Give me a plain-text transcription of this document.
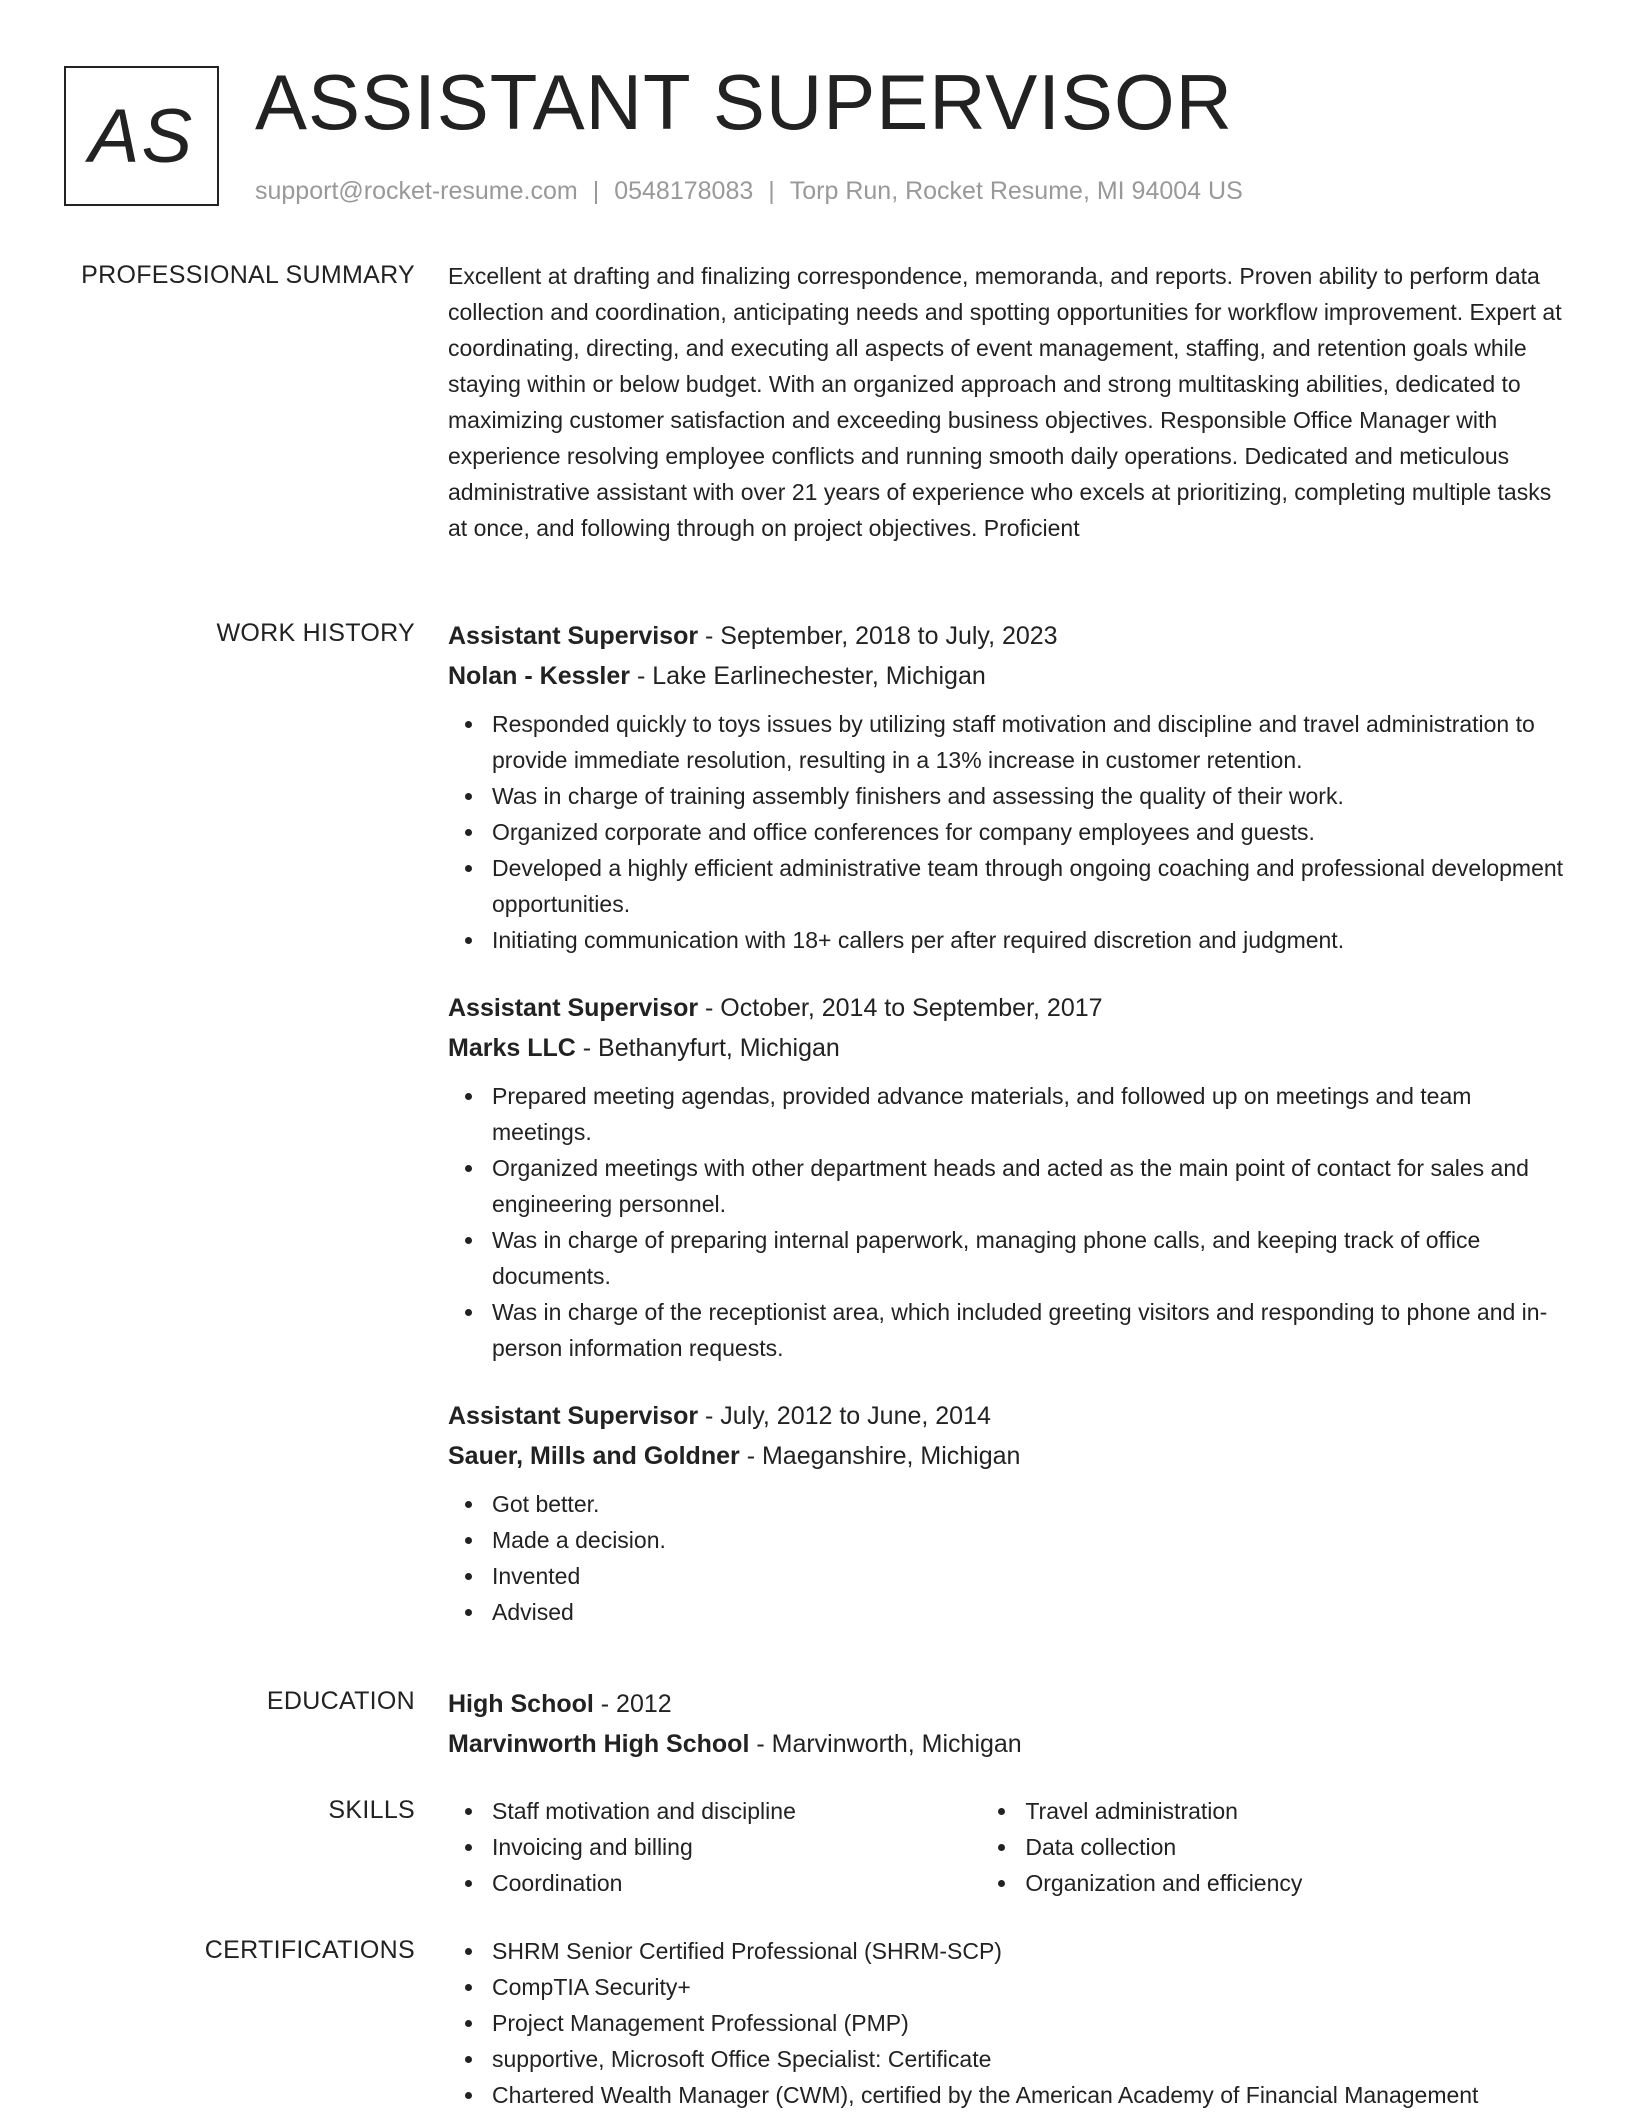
AS ASSISTANT SUPERVISOR
support@rocket-resume.com | 0548178083 | Torp Run, Rocket Resume, MI 94004 US
PROFESSIONAL SUMMARY Excellent at drafting and finalizing correspondence, memoranda, and reports. Proven ability to perform data collection and coordination, anticipating needs and spotting opportunities for workflow improvement. Expert at coordinating, directing, and executing all aspects of event management, staffing, and retention goals while staying within or below budget. With an organized approach and strong multitasking abilities, dedicated to maximizing customer satisfaction and exceeding business objectives. Responsible Office Manager with experience resolving employee conflicts and running smooth daily operations. Dedicated and meticulous administrative assistant with over 21 years of experience who excels at prioritizing, completing multiple tasks at once, and following through on project objectives. Proficient

WORK HISTORY Assistant Supervisor - September, 2018 to July, 2023
Nolan - Kessler - Lake Earlinechester, Michigan
Responded quickly to toys issues by utilizing staff motivation and discipline and travel administration to provide immediate resolution, resulting in a 13% increase in customer retention.
Was in charge of training assembly finishers and assessing the quality of their work.
Organized corporate and office conferences for company employees and guests.
Developed a highly efficient administrative team through ongoing coaching and professional development opportunities.
Initiating communication with 18+ callers per after required discretion and judgment.
Assistant Supervisor - October, 2014 to September, 2017
Marks LLC - Bethanyfurt, Michigan
Prepared meeting agendas, provided advance materials, and followed up on meetings and team meetings.
Organized meetings with other department heads and acted as the main point of contact for sales and engineering personnel.
Was in charge of preparing internal paperwork, managing phone calls, and keeping track of office documents.
Was in charge of the receptionist area, which included greeting visitors and responding to phone and in-person information requests.
Assistant Supervisor - July, 2012 to June, 2014
Sauer, Mills and Goldner - Maeganshire, Michigan
Got better.
Made a decision.
Invented
Advised
EDUCATION High School - 2012
Marvinworth High School - Marvinworth, Michigan
SKILLS	Staff motivation and discipline
Invoicing and billing
Coordination
Travel administration
Data collection
Organization and efficiency
CERTIFICATIONS	SHRM Senior Certified Professional (SHRM-SCP)
CompTIA Security+
Project Management Professional (PMP)
supportive, Microsoft Office Specialist: Certificate
Chartered Wealth Manager (CWM), certified by the American Academy of Financial Management
